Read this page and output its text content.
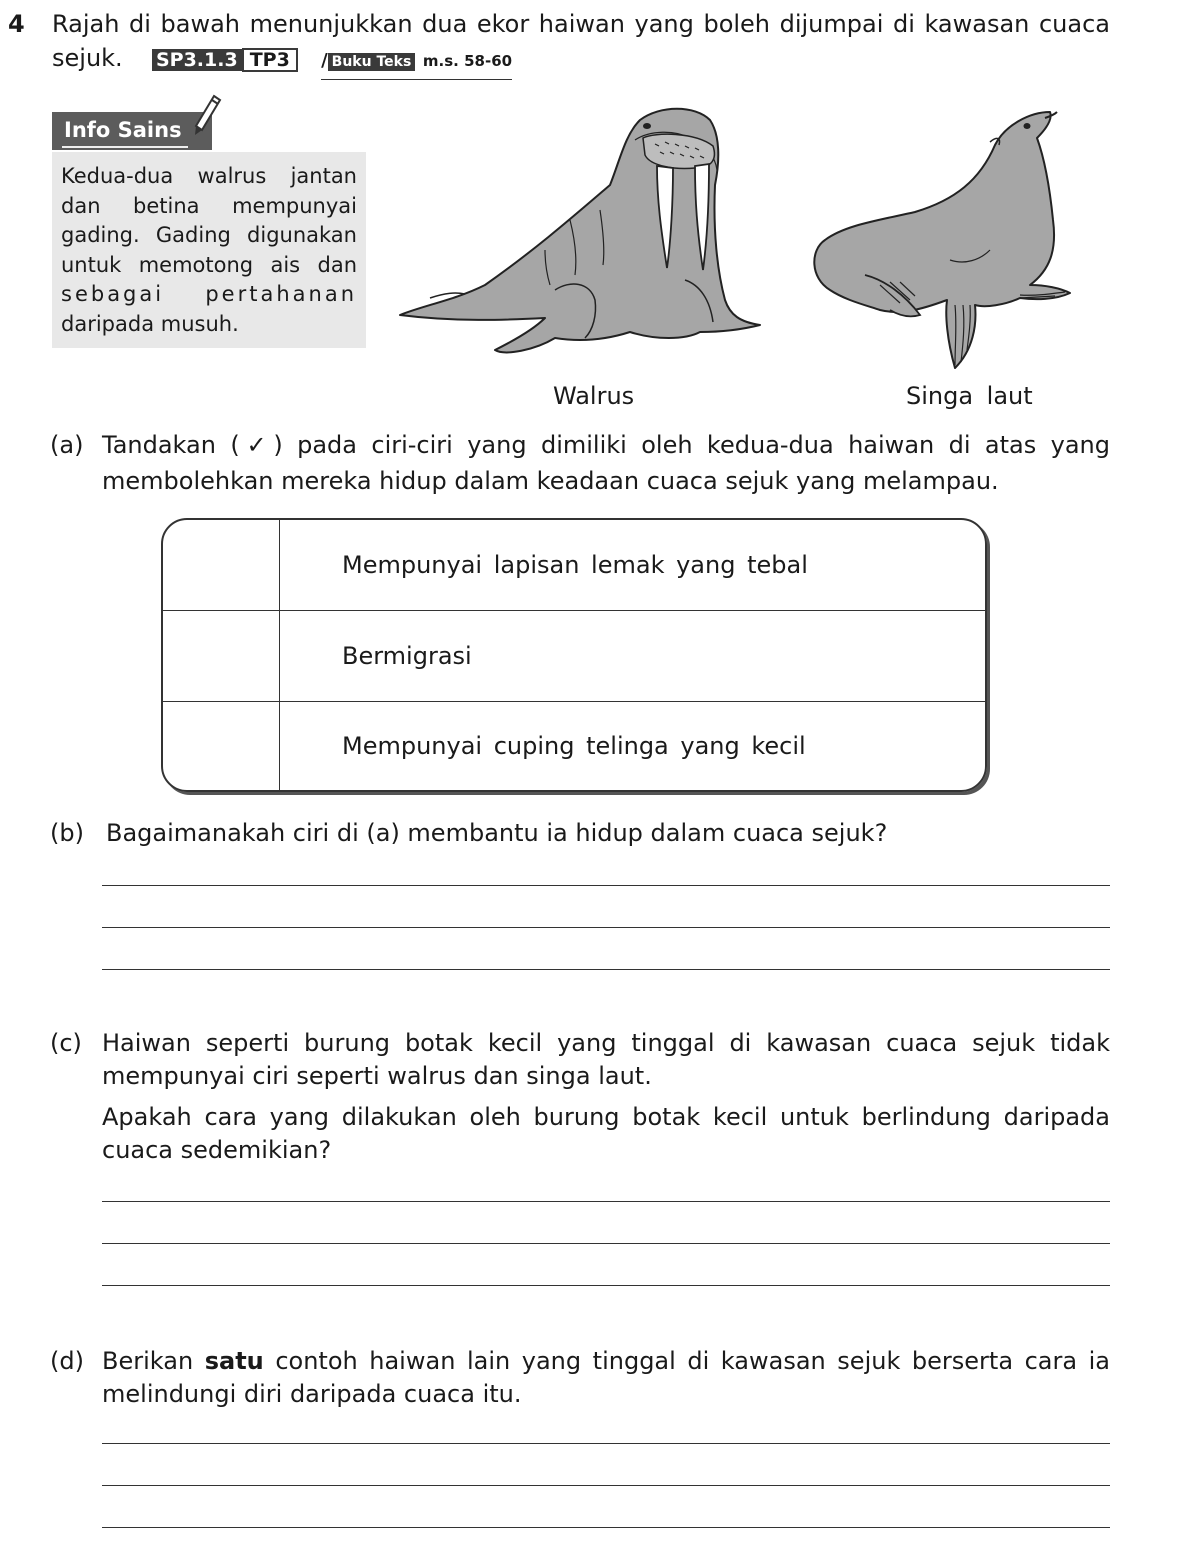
4 Rajah di bawah menunjukkan dua ekor haiwan yang boleh dijumpai di kawasan cuaca
sejuk. SP3.1.3 TP3 / Buku Teks m.s. 58-60
Info Sains
Kedua-dua walrus jantan
dan betina mempunyai
gading. Gading digunakan
untuk memotong ais dan
sebagai pertahanan
daripada musuh.
Walrus	Singa laut
(a) Tandakan (✓) pada ciri-ciri yang dimiliki oleh kedua-dua haiwan di atas yang
membolehkan mereka hidup dalam keadaan cuaca sejuk yang melampau.
	Mempunyai lapisan lemak yang tebal
	Bermigrasi
	Mempunyai cuping telinga yang kecil
(b) Bagaimanakah ciri di (a) membantu ia hidup dalam cuaca sejuk?
(c) Haiwan seperti burung botak kecil yang tinggal di kawasan cuaca sejuk tidak
mempunyai ciri seperti walrus dan singa laut.
Apakah cara yang dilakukan oleh burung botak kecil untuk berlindung daripada
cuaca sedemikian?
(d) Berikan satu contoh haiwan lain yang tinggal di kawasan sejuk berserta cara ia
melindungi diri daripada cuaca itu.
